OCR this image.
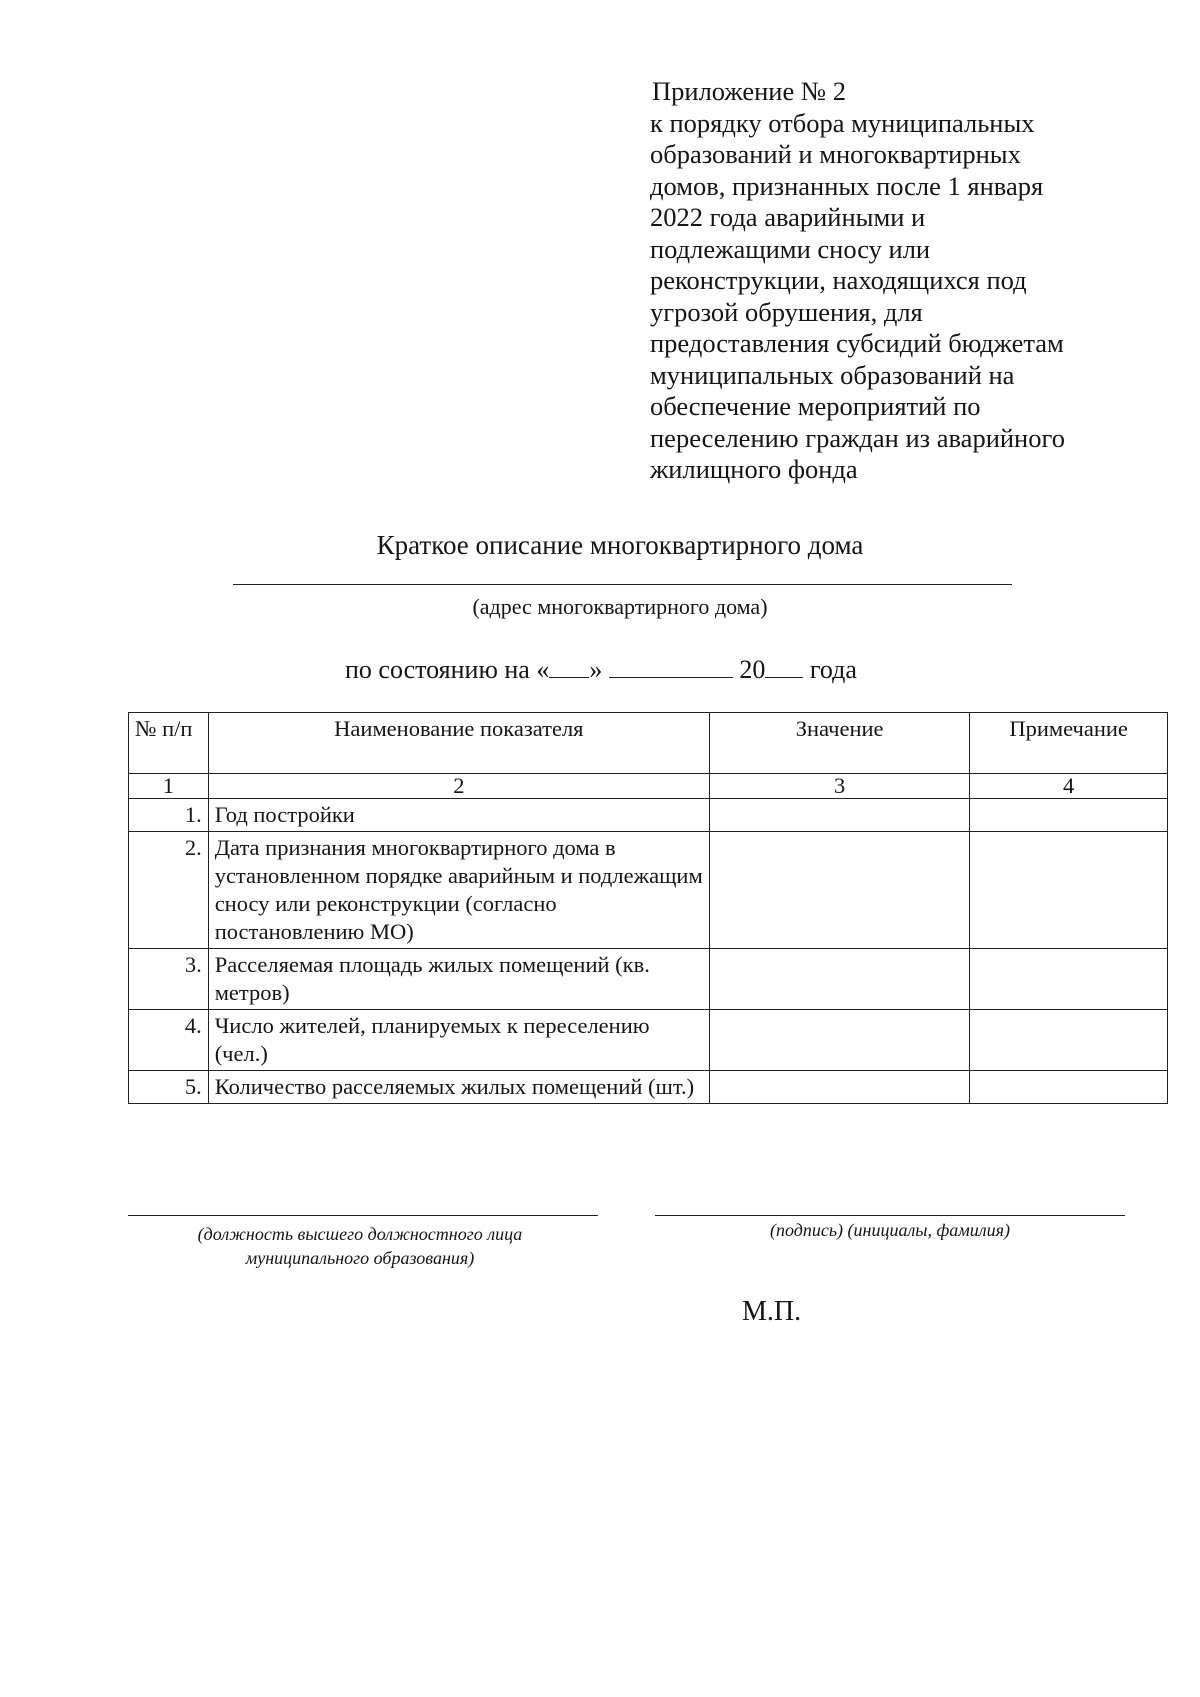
Приложение № 2
к порядку отбора муниципальных
образований и многоквартирных
домов, признанных после 1 января
2022 года аварийными и
подлежащими сносу или
реконструкции, находящихся под
угрозой обрушения, для
предоставления субсидий бюджетам
муниципальных образований на
обеспечение мероприятий по
переселению граждан из аварийного
жилищного фонда
Краткое описание многоквартирного дома
(адрес многоквартирного дома)
по состоянию на « »	20 года
№ п/п	Наименование показателя	Значение	Примечание
1	2	3	4
1.	Год постройки		
2.	Дата признания многоквартирного дома в установленном порядке аварийным и подлежащим сносу или реконструкции (согласно постановлению МО)		
3.	Расселяемая площадь жилых помещений (кв. метров)		
4.	Число жителей, планируемых к переселению (чел.)		
5.	Количество расселяемых жилых помещений (шт.)		
(должность высшего должностного лица муниципального образования)
(подпись) (инициалы, фамилия)
М.П.
